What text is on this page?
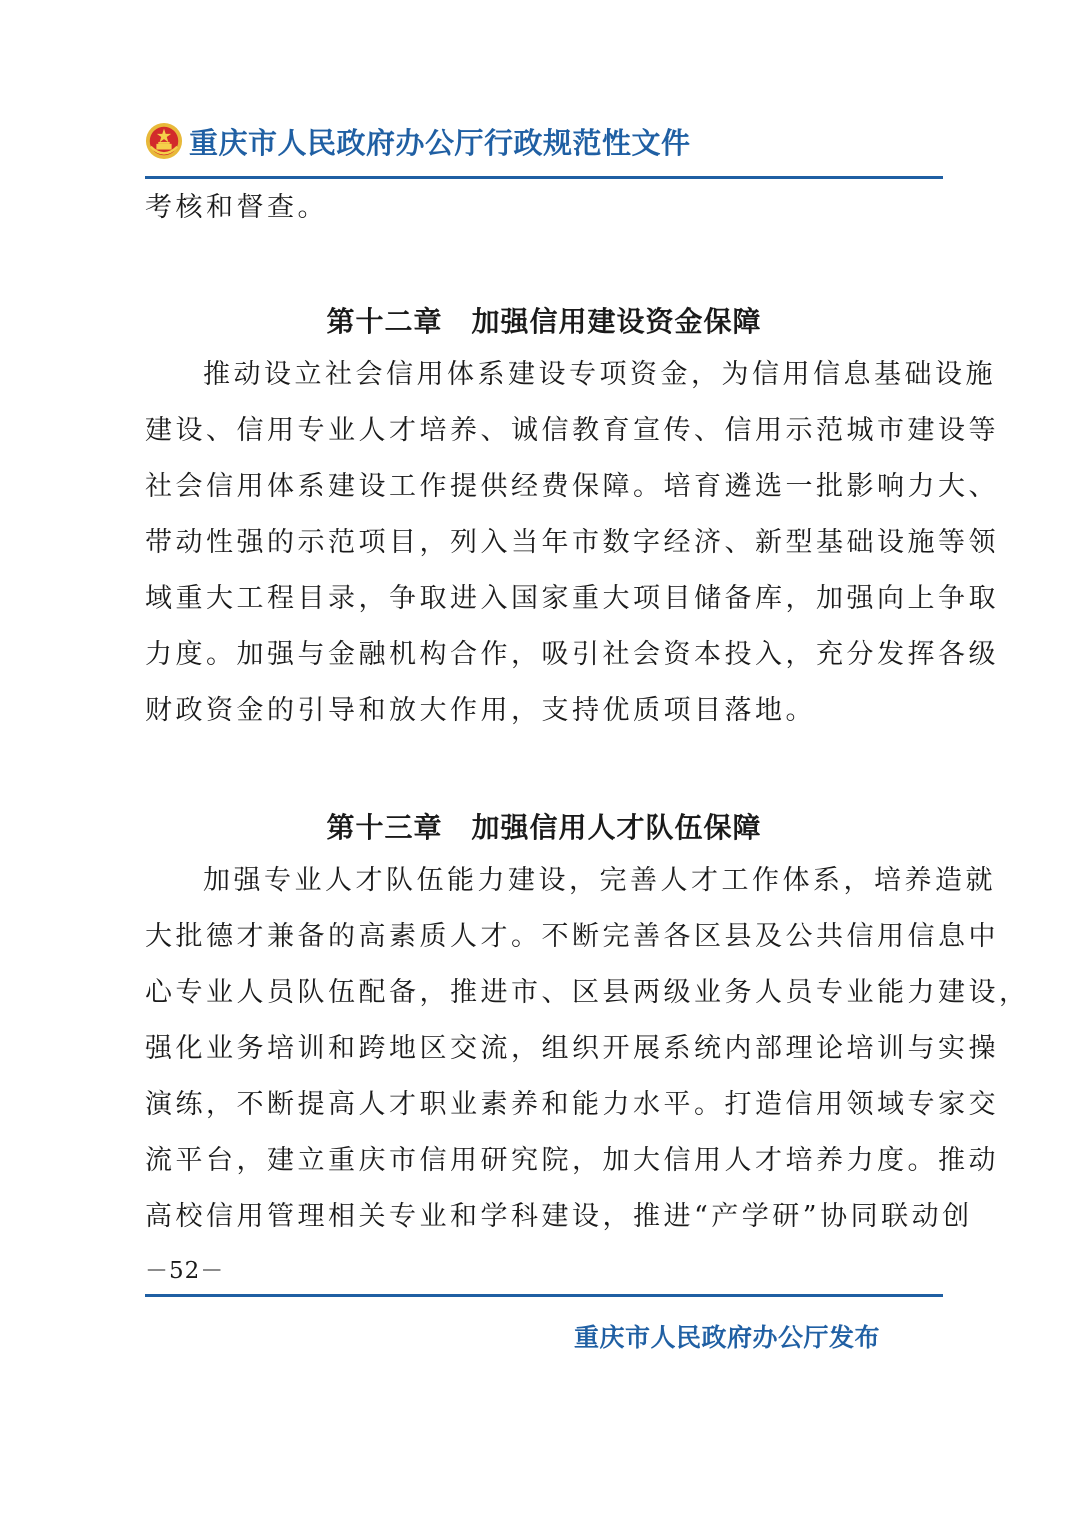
重庆市人民政府办公厅行政规范性文件
考核和督查。
第十二章　加强信用建设资金保障
推动设立社会信用体系建设专项资金，为信用信息基础设施
建设、信用专业人才培养、诚信教育宣传、信用示范城市建设等
社会信用体系建设工作提供经费保障。培育遴选一批影响力大、
带动性强的示范项目，列入当年市数字经济、新型基础设施等领
域重大工程目录，争取进入国家重大项目储备库，加强向上争取
力度。加强与金融机构合作，吸引社会资本投入，充分发挥各级
财政资金的引导和放大作用，支持优质项目落地。
第十三章　加强信用人才队伍保障
加强专业人才队伍能力建设，完善人才工作体系，培养造就
大批德才兼备的高素质人才。不断完善各区县及公共信用信息中
心专业人员队伍配备，推进市、区县两级业务人员专业能力建设，
强化业务培训和跨地区交流，组织开展系统内部理论培训与实操
演练，不断提高人才职业素养和能力水平。打造信用领域专家交
流平台，建立重庆市信用研究院，加大信用人才培养力度。推动
高校信用管理相关专业和学科建设，推进“产学研”协同联动创
－52－
重庆市人民政府办公厅发布
